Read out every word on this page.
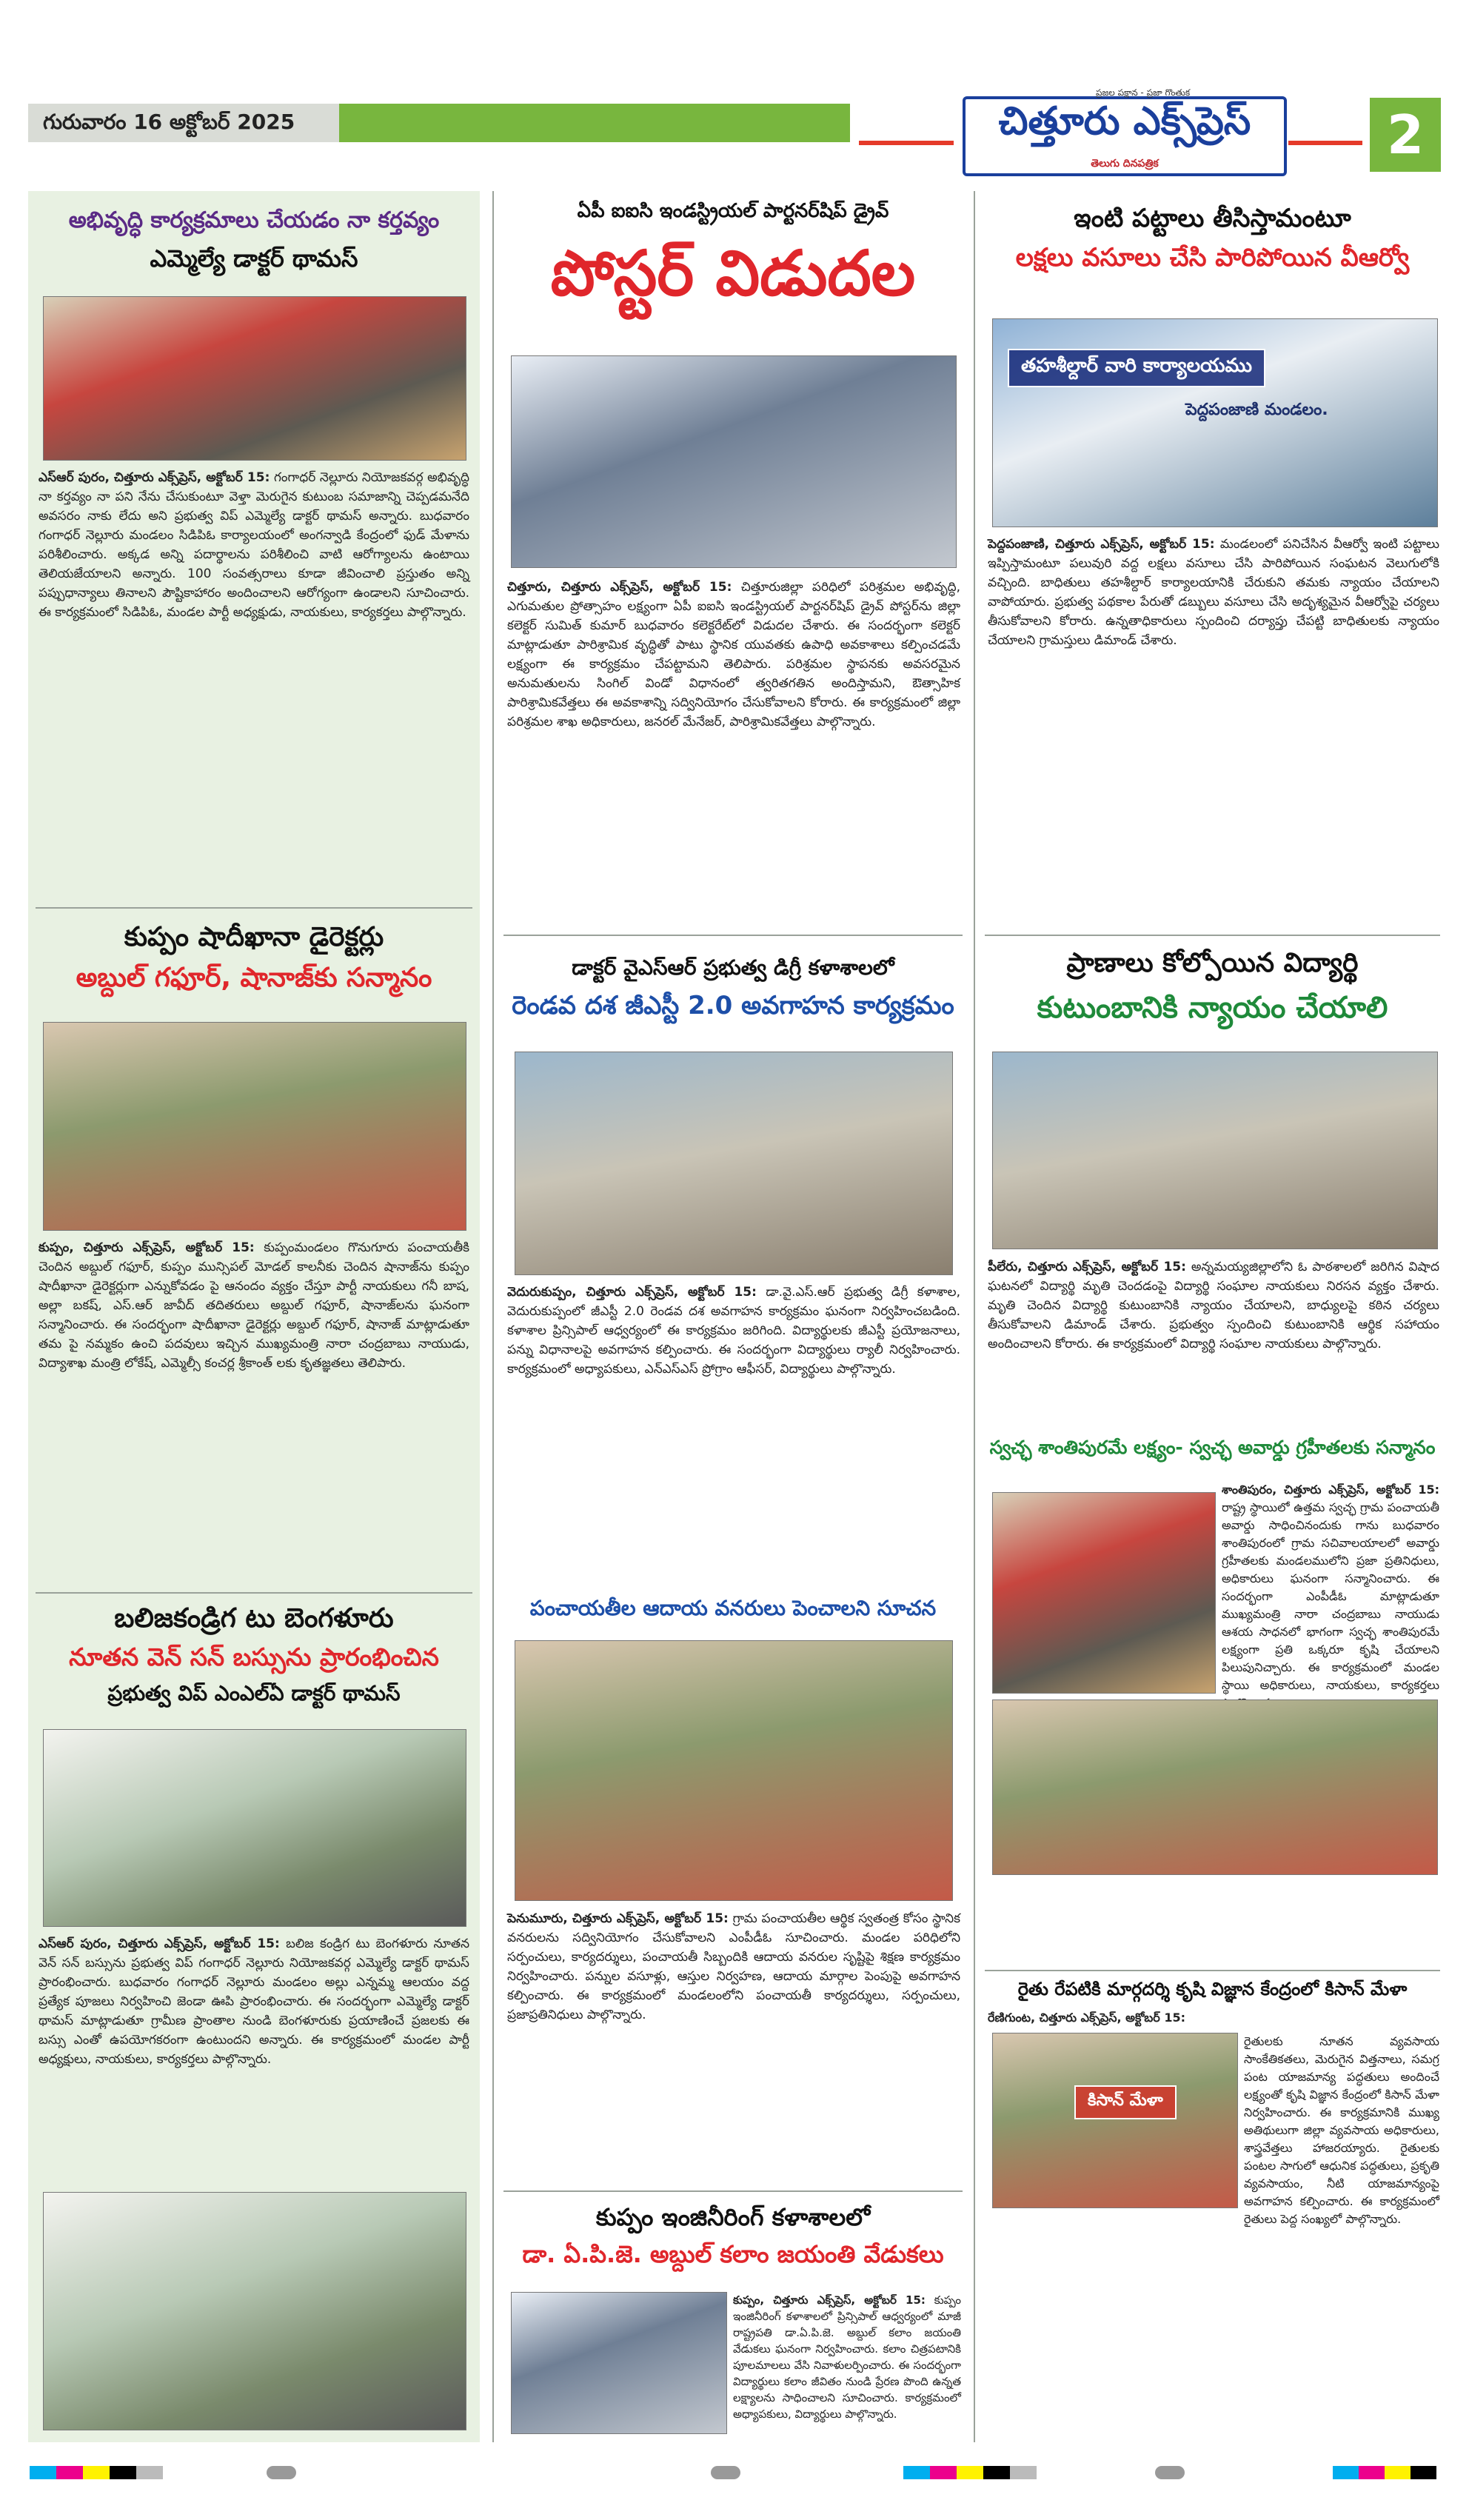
గురువారం 16 అక్టోబర్ 2025	చిత్తూరు ఎక్స్‌ప్రెస్
తెలుగు దినపత్రిక
ప్రజల పక్షాన - ప్రజా గొంతుక
2
అభివృద్ధి కార్యక్రమాలు చేయడం నా కర్తవ్యం
ఎమ్మెల్యే డాక్టర్ థామస్
ఎస్‌ఆర్ పురం, చిత్తూరు ఎక్స్‌ప్రెస్, అక్టోబర్ 15: గంగాధర్ నెల్లూరు నియోజకవర్గ అభివృద్ధి నా కర్తవ్యం నా పని నేను చేసుకుంటూ వెళ్తా మెరుగైన కుటుంబ సమాజాన్ని చెప్పడమనేది అవసరం నాకు లేదు అని ప్రభుత్వ విప్ ఎమ్మెల్యే డాక్టర్ థామస్ అన్నారు. బుధవారం గంగాధర్ నెల్లూరు మండలం సిడిపిఓ కార్యాలయంలో అంగన్వాడి కేంద్రంలో ఫుడ్ మేళాను పరిశీలించారు. అక్కడ అన్ని పదార్థాలను పరిశీలించి వాటి ఆరోగ్యాలను ఉంటాయి తెలియజేయాలని అన్నారు. 100 సంవత్సరాలు కూడా జీవించాలి ప్రస్తుతం అన్ని పప్పుధాన్యాలు తినాలని పౌష్టికాహారం అందించాలని ఆరోగ్యంగా ఉండాలని సూచించారు. ఈ కార్యక్రమంలో సిడిపిఓ, మండల పార్టీ అధ్యక్షుడు, నాయకులు, కార్యకర్తలు పాల్గొన్నారు.
కుప్పం షాదీఖానా డైరెక్టర్లు
అబ్దుల్ గఫూర్, షానాజ్‌కు సన్మానం
కుప్పం, చిత్తూరు ఎక్స్‌ప్రెస్, అక్టోబర్ 15: కుప్పంమండలం గొనుగూరు పంచాయతీకి చెందిన అబ్దుల్ గఫూర్, కుప్పం మున్సిపల్ మోడల్ కాలనీకు చెందిన షానాజ్‌ను కుప్పం షాదీఖానా డైరెక్టర్లుగా ఎన్నుకోవడం పై ఆనందం వ్యక్తం చేస్తూ పార్టీ నాయకులు గనీ బాష, అల్లా బకష్, ఎస్.ఆర్ జావీద్ తదితరులు అబ్దుల్ గఫూర్, షానాజ్‌లను ఘనంగా సన్మానించారు. ఈ సందర్భంగా షాదీఖానా డైరెక్టర్లు అబ్దుల్ గఫూర్, షానాజ్ మాట్లాడుతూ తమ పై నమ్మకం ఉంచి పదవులు ఇచ్చిన ముఖ్యమంత్రి నారా చంద్రబాబు నాయుడు, విద్యాశాఖ మంత్రి లోకేష్, ఎమ్మెల్సీ కంచర్ల శ్రీకాంత్ లకు కృతజ్ఞతలు తెలిపారు.
బలిజకండ్రిగ టు బెంగళూరు
నూతన వెన్ సన్ బస్సును ప్రారంభించిన
ప్రభుత్వ విప్ ఎంఎల్ఏ డాక్టర్ థామస్
ఎస్‌ఆర్ పురం, చిత్తూరు ఎక్స్‌ప్రెస్, అక్టోబర్ 15: బలిజ కండ్రిగ టు బెంగళూరు నూతన వెన్ సన్ బస్సును ప్రభుత్వ విప్ గంగాధర్ నెల్లూరు నియోజకవర్గ ఎమ్మెల్యే డాక్టర్ థామస్ ప్రారంభించారు. బుధవారం గంగాధర్ నెల్లూరు మండలం అల్లు ఎన్నమ్మ ఆలయం వద్ద ప్రత్యేక పూజలు నిర్వహించి జెండా ఊపి ప్రారంభించారు. ఈ సందర్భంగా ఎమ్మెల్యే డాక్టర్ థామస్ మాట్లాడుతూ గ్రామీణ ప్రాంతాల నుండి బెంగళూరుకు ప్రయాణించే ప్రజలకు ఈ బస్సు ఎంతో ఉపయోగకరంగా ఉంటుందని అన్నారు. ఈ కార్యక్రమంలో మండల పార్టీ అధ్యక్షులు, నాయకులు, కార్యకర్తలు పాల్గొన్నారు.
ఏపీ ఐఐసి ఇండస్ట్రియల్ పార్టనర్‌షిప్ డ్రైవ్
పోస్టర్ విడుదల
చిత్తూరు, చిత్తూరు ఎక్స్‌ప్రెస్, అక్టోబర్ 15: చిత్తూరుజిల్లా పరిధిలో పరిశ్రమల అభివృద్ధి, ఎగుమతుల ప్రోత్సాహం లక్ష్యంగా ఏపీ ఐఐసి ఇండస్ట్రియల్ పార్టనర్‌షిప్ డ్రైవ్ పోస్టర్‌ను జిల్లా కలెక్టర్ సుమిత్ కుమార్ బుధవారం కలెక్టరేట్‌లో విడుదల చేశారు. ఈ సందర్భంగా కలెక్టర్ మాట్లాడుతూ పారిశ్రామిక వృద్ధితో పాటు స్థానిక యువతకు ఉపాధి అవకాశాలు కల్పించడమే లక్ష్యంగా ఈ కార్యక్రమం చేపట్టామని తెలిపారు. పరిశ్రమల స్థాపనకు అవసరమైన అనుమతులను సింగిల్ విండో విధానంలో త్వరితగతిన అందిస్తామని, ఔత్సాహిక పారిశ్రామికవేత్తలు ఈ అవకాశాన్ని సద్వినియోగం చేసుకోవాలని కోరారు. ఈ కార్యక్రమంలో జిల్లా పరిశ్రమల శాఖ అధికారులు, జనరల్ మేనేజర్, పారిశ్రామికవేత్తలు పాల్గొన్నారు.
డాక్టర్ వైఎస్‌ఆర్ ప్రభుత్వ డిగ్రీ కళాశాలలో
రెండవ దశ జీఎస్టీ 2.0 అవగాహన కార్యక్రమం
వెదురుకుప్పం, చిత్తూరు ఎక్స్‌ప్రెస్, అక్టోబర్ 15: డా.వై.ఎస్.ఆర్ ప్రభుత్వ డిగ్రీ కళాశాల, వెదురుకుప్పంలో జీఎస్టీ 2.0 రెండవ దశ అవగాహన కార్యక్రమం ఘనంగా నిర్వహించబడింది. కళాశాల ప్రిన్సిపాల్ ఆధ్వర్యంలో ఈ కార్యక్రమం జరిగింది. విద్యార్థులకు జీఎస్టీ ప్రయోజనాలు, పన్ను విధానాలపై అవగాహన కల్పించారు. ఈ సందర్భంగా విద్యార్థులు ర్యాలీ నిర్వహించారు. కార్యక్రమంలో అధ్యాపకులు, ఎన్ఎస్ఎస్ ప్రోగ్రాం ఆఫీసర్, విద్యార్థులు పాల్గొన్నారు.
పంచాయతీల ఆదాయ వనరులు పెంచాలని సూచన
పెనుమూరు, చిత్తూరు ఎక్స్‌ప్రెస్, అక్టోబర్ 15: గ్రామ పంచాయతీల ఆర్థిక స్వతంత్ర కోసం స్థానిక వనరులను సద్వినియోగం చేసుకోవాలని ఎంపీడీఓ సూచించారు. మండల పరిధిలోని సర్పంచులు, కార్యదర్శులు, పంచాయతీ సిబ్బందికి ఆదాయ వనరుల సృష్టిపై శిక్షణ కార్యక్రమం నిర్వహించారు. పన్నుల వసూళ్లు, ఆస్తుల నిర్వహణ, ఆదాయ మార్గాల పెంపుపై అవగాహన కల్పించారు. ఈ కార్యక్రమంలో మండలంలోని పంచాయతీ కార్యదర్శులు, సర్పంచులు, ప్రజాప్రతినిధులు పాల్గొన్నారు.
కుప్పం ఇంజినీరింగ్ కళాశాలలో
డా. ఏ.పి.జె. అబ్దుల్ కలాం జయంతి వేడుకలు
కుప్పం, చిత్తూరు ఎక్స్‌ప్రెస్, అక్టోబర్ 15: కుప్పం ఇంజినీరింగ్ కళాశాలలో ప్రిన్సిపాల్ ఆధ్వర్యంలో మాజీ రాష్ట్రపతి డా.ఏ.పి.జె. అబ్దుల్ కలాం జయంతి వేడుకలు ఘనంగా నిర్వహించారు. కలాం చిత్రపటానికి పూలమాలలు వేసి నివాళులర్పించారు. ఈ సందర్భంగా విద్యార్థులు కలాం జీవితం నుండి ప్రేరణ పొంది ఉన్నత లక్ష్యాలను సాధించాలని సూచించారు. కార్యక్రమంలో అధ్యాపకులు, విద్యార్థులు పాల్గొన్నారు.
ఇంటి పట్టాలు తీసిస్తామంటూ
లక్షలు వసూలు చేసి పారిపోయిన వీఆర్వో
తహశీల్దార్ వారి కార్యాలయము
పెద్దపంజాణి మండలం.
పెద్దపంజాణి, చిత్తూరు ఎక్స్‌ప్రెస్, అక్టోబర్ 15: మండలంలో పనిచేసిన వీఆర్వో ఇంటి పట్టాలు ఇప్పిస్తామంటూ పలువురి వద్ద లక్షలు వసూలు చేసి పారిపోయిన సంఘటన వెలుగులోకి వచ్చింది. బాధితులు తహశీల్దార్ కార్యాలయానికి చేరుకుని తమకు న్యాయం చేయాలని వాపోయారు. ప్రభుత్వ పథకాల పేరుతో డబ్బులు వసూలు చేసి అదృశ్యమైన వీఆర్వోపై చర్యలు తీసుకోవాలని కోరారు. ఉన్నతాధికారులు స్పందించి దర్యాప్తు చేపట్టి బాధితులకు న్యాయం చేయాలని గ్రామస్తులు డిమాండ్ చేశారు.
ప్రాణాలు కోల్పోయిన విద్యార్థి
కుటుంబానికి న్యాయం చేయాలి
పీలేరు, చిత్తూరు ఎక్స్‌ప్రెస్, అక్టోబర్ 15: అన్నమయ్యజిల్లాలోని ఓ పాఠశాలలో జరిగిన విషాద ఘటనలో విద్యార్థి మృతి చెందడంపై విద్యార్థి సంఘాల నాయకులు నిరసన వ్యక్తం చేశారు. మృతి చెందిన విద్యార్థి కుటుంబానికి న్యాయం చేయాలని, బాధ్యులపై కఠిన చర్యలు తీసుకోవాలని డిమాండ్ చేశారు. ప్రభుత్వం స్పందించి కుటుంబానికి ఆర్థిక సహాయం అందించాలని కోరారు. ఈ కార్యక్రమంలో విద్యార్థి సంఘాల నాయకులు పాల్గొన్నారు.
స్వచ్ఛ శాంతిపురమే లక్ష్యం- స్వచ్ఛ అవార్డు గ్రహీతలకు సన్మానం
శాంతిపురం, చిత్తూరు ఎక్స్‌ప్రెస్, అక్టోబర్ 15: రాష్ట్ర స్థాయిలో ఉత్తమ స్వచ్ఛ గ్రామ పంచాయతీ అవార్డు సాధించినందుకు గాను బుధవారం శాంతిపురంలో గ్రామ సచివాలయాలలో అవార్డు గ్రహీతలకు మండలములోని ప్రజా ప్రతినిధులు, అధికారులు ఘనంగా సన్మానించారు. ఈ సందర్భంగా ఎంపీడీఓ మాట్లాడుతూ ముఖ్యమంత్రి నారా చంద్రబాబు నాయుడు ఆశయ సాధనలో భాగంగా స్వచ్ఛ శాంతిపురమే లక్ష్యంగా ప్రతి ఒక్కరూ కృషి చేయాలని పిలుపునిచ్చారు. ఈ కార్యక్రమంలో మండల స్థాయి అధికారులు, నాయకులు, కార్యకర్తలు
రైతు రేపటికి మార్గదర్శి కృషి విజ్ఞాన కేంద్రంలో కిసాన్ మేళా
రేణిగుంట, చిత్తూరు ఎక్స్‌ప్రెస్, అక్టోబర్ 15:
కిసాన్ మేళా
రైతులకు నూతన వ్యవసాయ సాంకేతికతలు, మెరుగైన విత్తనాలు, సమగ్ర పంట యాజమాన్య పద్ధతులు అందించే లక్ష్యంతో కృషి విజ్ఞాన కేంద్రంలో కిసాన్ మేళా నిర్వహించారు. ఈ కార్యక్రమానికి ముఖ్య అతిథులుగా జిల్లా వ్యవసాయ అధికారులు, శాస్త్రవేత్తలు హాజరయ్యారు. రైతులకు పంటల సాగులో ఆధునిక పద్ధతులు, ప్రకృతి వ్యవసాయం, నీటి యాజమాన్యంపై అవగాహన కల్పించారు. ఈ కార్యక్రమంలో రైతులు పెద్ద సంఖ్యలో పాల్గొన్నారు.
